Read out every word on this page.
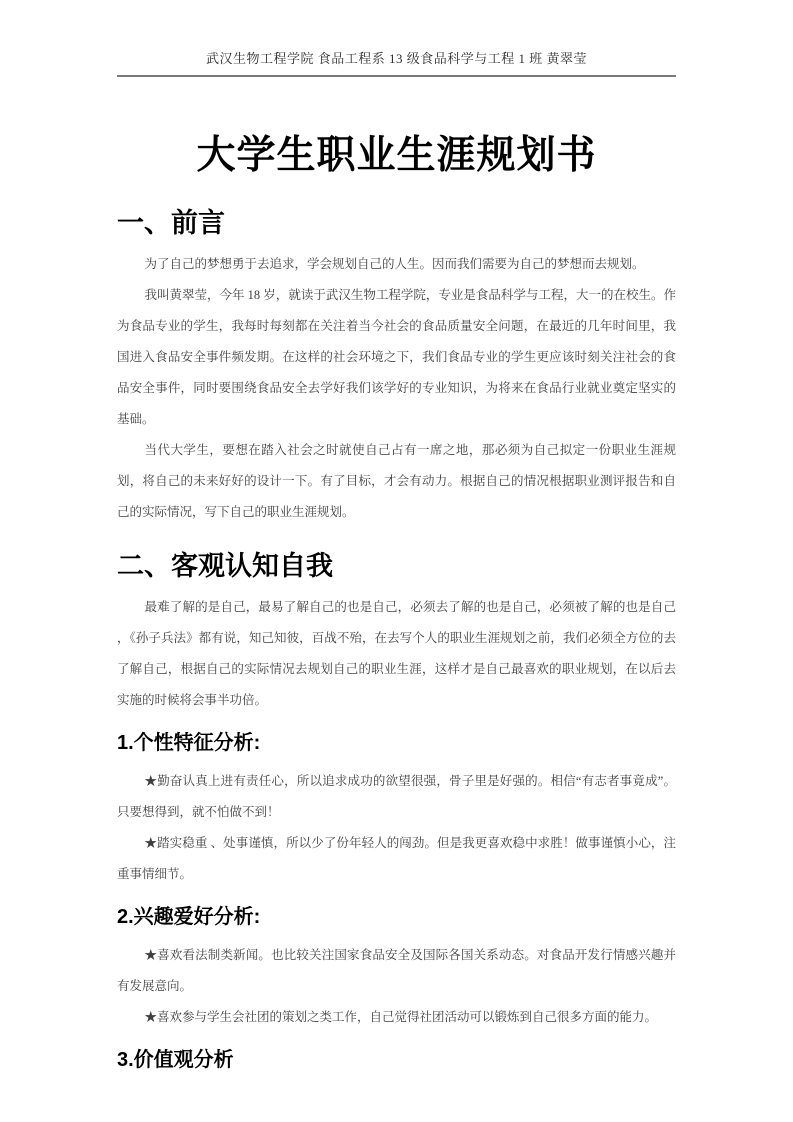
武汉生物工程学院 食品工程系 13 级食品科学与工程 1 班 黄翠莹
大学生职业生涯规划书
一、前言

为了自己的梦想勇于去追求，学会规划自己的人生。因而我们需要为自己的梦想而去规划。

我叫黄翠莹，今年 18 岁，就读于武汉生物工程学院，专业是食品科学与工程，大一的在校生。作为食品专业的学生，我每时每刻都在关注着当今社会的食品质量安全问题，在最近的几年时间里，我国进入食品安全事件频发期。在这样的社会环境之下，我们食品专业的学生更应该时刻关注社会的食品安全事件，同时要围绕食品安全去学好我们该学好的专业知识，为将来在食品行业就业奠定坚实的基础。

当代大学生，要想在踏入社会之时就使自己占有一席之地，那必须为自己拟定一份职业生涯规划，将自己的未来好好的设计一下。有了目标，才会有动力。根据自己的情况根据职业测评报告和自己的实际情况，写下自己的职业生涯规划。

二、客观认知自我

最难了解的是自己，最易了解自己的也是自己，必须去了解的也是自己，必须被了解的也是自己 ，《孙子兵法》都有说，知己知彼，百战不殆，在去写个人的职业生涯规划之前，我们必须全方位的去了解自己，根据自己的实际情况去规划自己的职业生涯，这样才是自己最喜欢的职业规划，在以后去实施的时候将会事半功倍。

1.个性特征分析:

★勤奋认真上进有责任心，所以追求成功的欲望很强，骨子里是好强的。相信“有志者事竟成”。只要想得到，就不怕做不到！

★踏实稳重 、处事谨慎，所以少了份年轻人的闯劲。但是我更喜欢稳中求胜！做事谨慎小心，注重事情细节。

2.兴趣爱好分析:

★喜欢看法制类新闻。也比较关注国家食品安全及国际各国关系动态。对食品开发行情感兴趣并有发展意向。

★喜欢参与学生会社团的策划之类工作，自己觉得社团活动可以锻炼到自己很多方面的能力。

3.价值观分析
